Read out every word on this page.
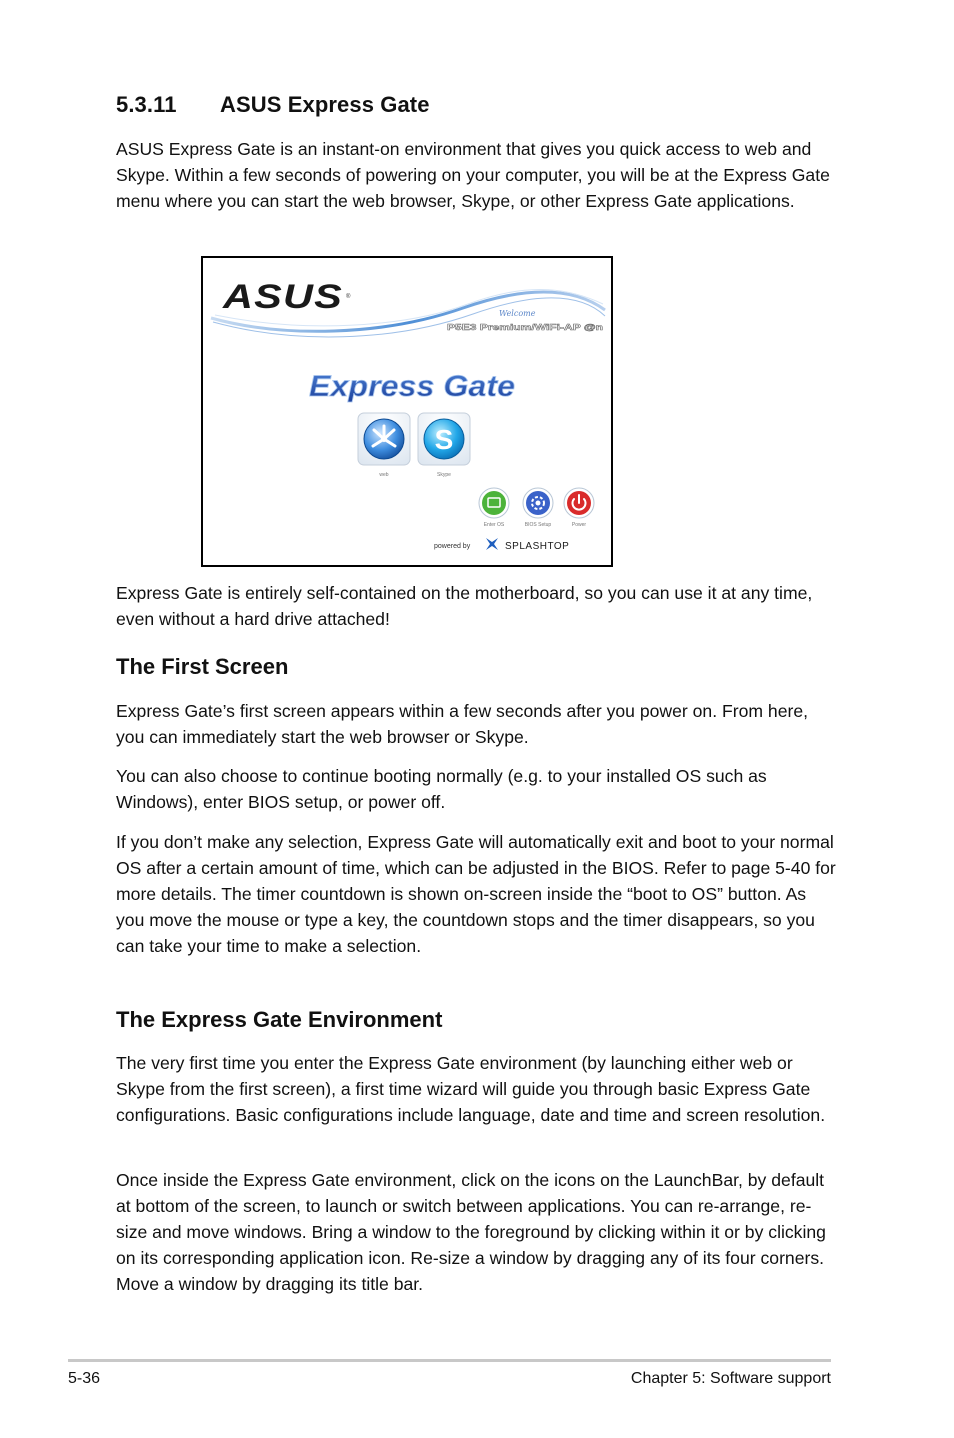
5.3.11 ASUS Express Gate

ASUS Express Gate is an instant-on environment that gives you quick access to web and Skype. Within a few seconds of powering on your computer, you will be at the Express Gate menu where you can start the web browser, Skype, or other Express Gate applications.

ASUS ®
Welcome
P5E3 Premium/WiFi-AP @n
Express Gate
web
S
Skype
Enter OS	BIOS Setup	Power
powered by	SPLASHTOP

Express Gate is entirely self-contained on the motherboard, so you can use it at any time, even without a hard drive attached!

The First Screen

Express Gate’s first screen appears within a few seconds after you power on. From here, you can immediately start the web browser or Skype.

You can also choose to continue booting normally (e.g. to your installed OS such as Windows), enter BIOS setup, or power off.

If you don’t make any selection, Express Gate will automatically exit and boot to your normal OS after a certain amount of time, which can be adjusted in the BIOS. Refer to page 5-40 for more details. The timer countdown is shown on-screen inside the “boot to OS” button. As you move the mouse or type a key, the countdown stops and the timer disappears, so you can take your time to make a selection.

The Express Gate Environment

The very first time you enter the Express Gate environment (by launching either web or Skype from the first screen), a first time wizard will guide you through basic Express Gate configurations. Basic configurations include language, date and time and screen resolution.

Once inside the Express Gate environment, click on the icons on the LaunchBar, by default at bottom of the screen, to launch or switch between applications. You can re-arrange, re-size and move windows. Bring a window to the foreground by clicking within it or by clicking on its corresponding application icon. Re-size a window by dragging any of its four corners. Move a window by dragging its title bar.

5-36	Chapter 5: Software support
